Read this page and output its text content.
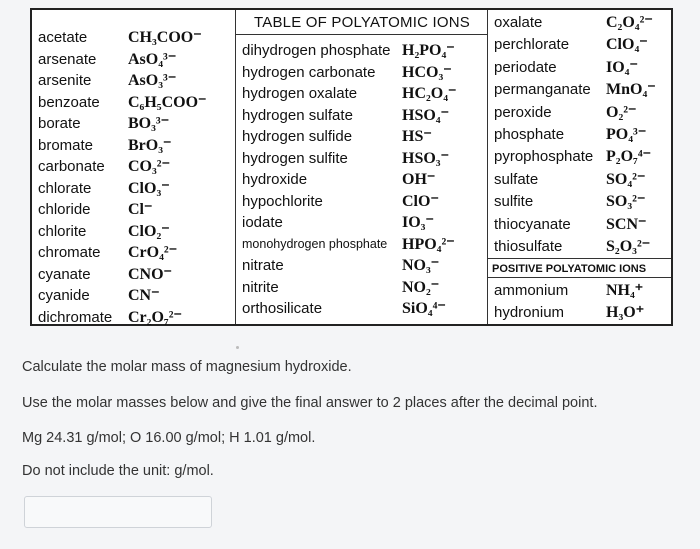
acetate	CH₃COO⁻
arsenate AsO₄³⁻
arsenite AsO₃³⁻
benzoate C₆H₅COO⁻
borate	BO₃³⁻
bromate BrO₃⁻
carbonate CO₃²⁻
chlorate ClO₃⁻
chloride Cl⁻
chlorite	ClO₂⁻
chromate CrO₄²⁻
cyanate CNO⁻
cyanide CN⁻
dichromate Cr₂O₇²⁻
TABLE OF POLYATOMIC IONS
dihydrogen phosphate H₂PO₄⁻
hydrogen carbonate HCO₃⁻
hydrogen oxalate	HC₂O₄⁻
hydrogen sulfate	HSO₄⁻
hydrogen sulfide	HS⁻
hydrogen sulfite	HSO₃⁻
hydroxide	OH⁻
hypochlorite	ClO⁻
iodate	IO₃⁻
monohydrogen phosphate HPO₄²⁻
nitrate	NO₃⁻
nitrite	NO₂⁻
orthosilicate	SiO₄⁴⁻
POSITIVE POLYATOMIC IONS
oxalate	C₂O₄²⁻
perchlorate ClO₄⁻
periodate	IO₄⁻
permanganate MnO₄⁻
peroxide	O₂²⁻
phosphate	PO₄³⁻
pyrophosphate P₂O₇⁴⁻
sulfate	SO₄²⁻
sulfite	SO₃²⁻
thiocyanate SCN⁻
thiosulfate	S₂O₃²⁻
ammonium NH₄⁺
hydronium	H₃O⁺
Calculate the molar mass of magnesium hydroxide.
Use the molar masses below and give the final answer to 2 places after the decimal point.
Mg 24.31 g/mol; O 16.00 g/mol; H 1.01 g/mol.
Do not include the unit: g/mol.
